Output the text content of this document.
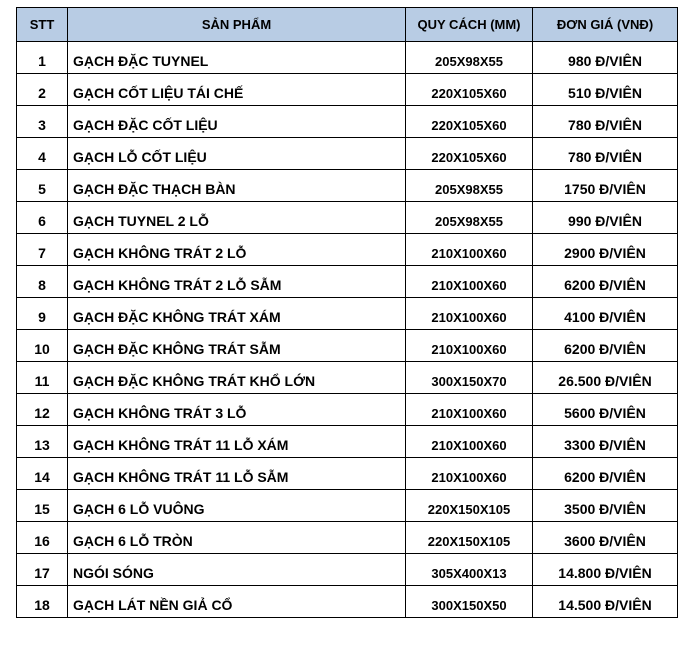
STT	SẢN PHẨM	QUY CÁCH (MM)	ĐƠN GIÁ (VNĐ)
1	GẠCH ĐẶC TUYNEL	205X98X55	980 Đ/VIÊN
2	GẠCH CỐT LIỆU TÁI CHẾ	220X105X60	510 Đ/VIÊN
3	GẠCH ĐẶC CỐT LIỆU	220X105X60	780 Đ/VIÊN
4	GẠCH LỖ CỐT LIỆU	220X105X60	780 Đ/VIÊN
5	GẠCH ĐẶC THẠCH BÀN	205X98X55	1750 Đ/VIÊN
6	GẠCH TUYNEL 2 LỖ	205X98X55	990 Đ/VIÊN
7	GẠCH KHÔNG TRÁT 2 LỖ	210X100X60	2900 Đ/VIÊN
8	GẠCH KHÔNG TRÁT 2 LỖ SẪM	210X100X60	6200 Đ/VIÊN
9	GẠCH ĐẶC KHÔNG TRÁT XÁM	210X100X60	4100 Đ/VIÊN
10	GẠCH ĐẶC KHÔNG TRÁT SẪM	210X100X60	6200 Đ/VIÊN
11	GẠCH ĐẶC KHÔNG TRÁT KHỔ LỚN	300X150X70	26.500 Đ/VIÊN
12	GẠCH KHÔNG TRÁT 3 LỖ	210X100X60	5600 Đ/VIÊN
13	GẠCH KHÔNG TRÁT 11 LỖ XÁM	210X100X60	3300 Đ/VIÊN
14	GẠCH KHÔNG TRÁT 11 LỖ SẪM	210X100X60	6200 Đ/VIÊN
15	GẠCH 6 LỖ VUÔNG	220X150X105	3500 Đ/VIÊN
16	GẠCH 6 LỖ TRÒN	220X150X105	3600 Đ/VIÊN
17	NGÓI SÓNG	305X400X13	14.800 Đ/VIÊN
18	GẠCH LÁT NỀN GIẢ CỔ	300X150X50	14.500 Đ/VIÊN
